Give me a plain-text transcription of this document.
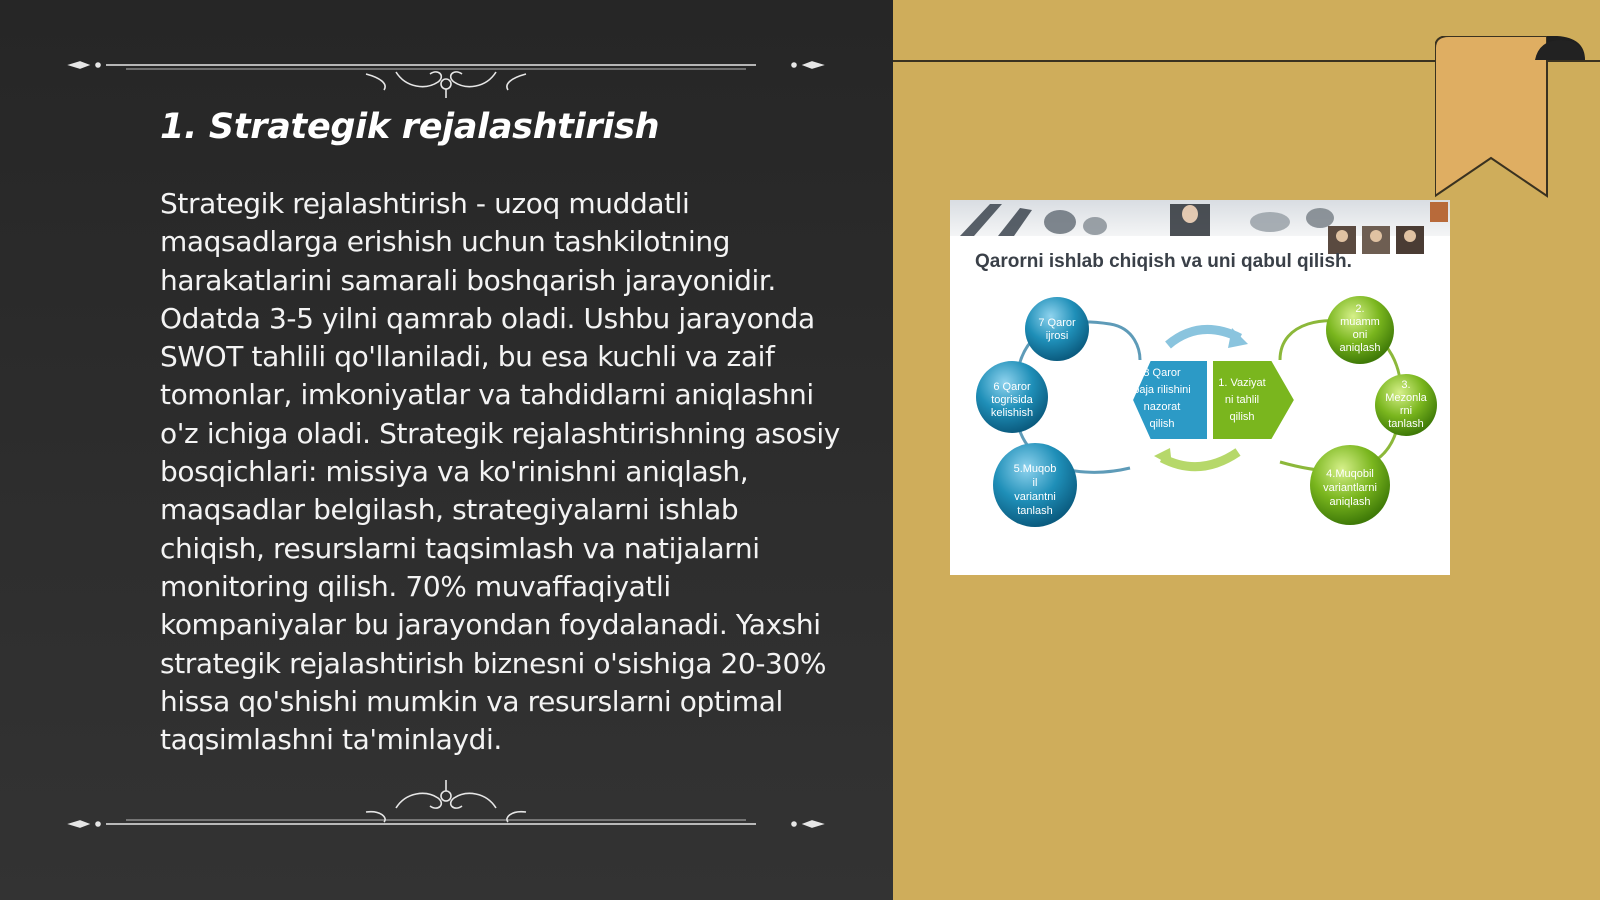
1. Strategik rejalashtirish

Strategik rejalashtirish - uzoq muddatli maqsadlarga erishish uchun tashkilotning harakatlarini samarali boshqarish jarayonidir. Odatda 3-5 yilni qamrab oladi. Ushbu jarayonda SWOT tahlili qo'llaniladi, bu esa kuchli va zaif tomonlar, imkoniyatlar va tahdidlarni aniqlashni o'z ichiga oladi. Strategik rejalashtirishning asosiy bosqichlari: missiya va ko'rinishni aniqlash, maqsadlar belgilash, strategiyalarni ishlab chiqish, resurslarni taqsimlash va natijalarni monitoring qilish. 70% muvaffaqiyatli kompaniyalar bu jarayondan foydalanadi. Yaxshi strategik rejalashtirish biznesni o'sishiga 20-30% hissa qo'shishi mumkin va resurslarni optimal taqsimlashni ta'minlaydi.

Qarorni ishlab chiqish va uni qabul qilish.
8 Qaror
baja rilishini
nazorat
qilish
1. Vaziyat
ni tahlil
qilish
7 Qaror
ijrosi
6 Qaror
togrisida
kelishish
5.Muqob
il
variantni
tanlash
2.
muamm
oni
aniqlash
3.
Mezonla
rni
tanlash
4.Muqobil
variantlarni
aniqlash
